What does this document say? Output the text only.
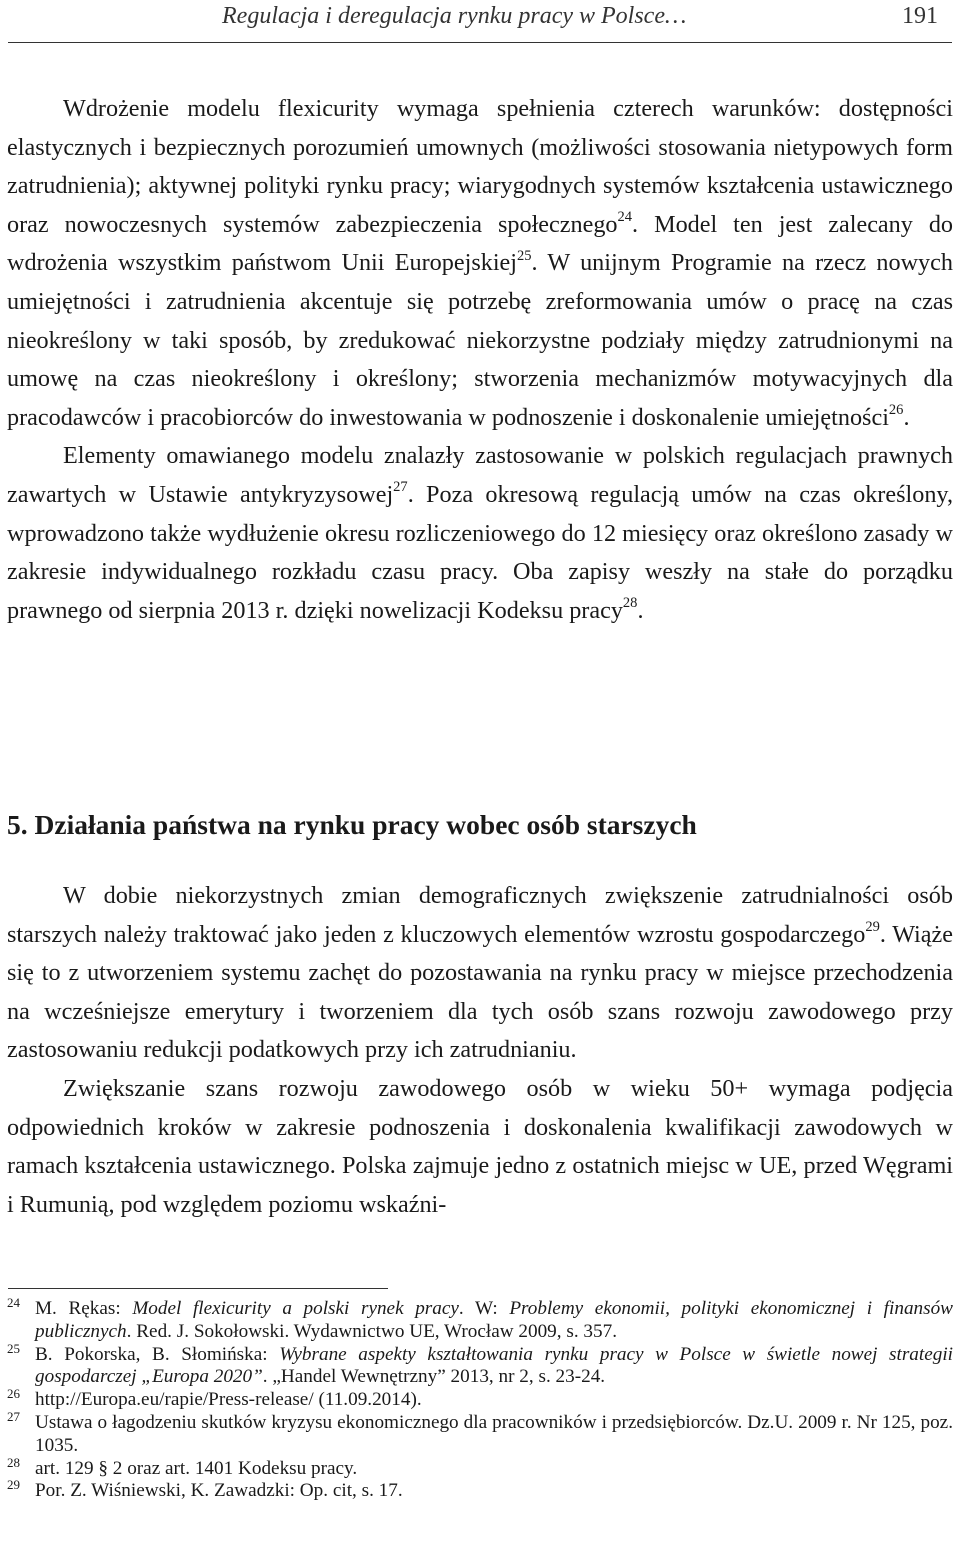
Regulacja i deregulacja rynku pracy w Polsce…	191

Wdrożenie modelu flexicurity wymaga spełnienia czterech warunków: dostępności elastycznych i bezpiecznych porozumień umownych (możliwości stosowania nietypowych form zatrudnienia); aktywnej polityki rynku pracy; wiarygodnych systemów kształcenia ustawicznego oraz nowoczesnych systemów zabezpieczenia społecznego$^{24}$. Model ten jest zalecany do wdrożenia wszystkim państwom Unii Europejskiej$^{25}$. W unijnym Programie na rzecz nowych umiejętności i zatrudnienia akcentuje się potrzebę zreformowania umów o pracę na czas nieokreślony w taki sposób, by zredukować niekorzystne podziały między zatrudnionymi na umowę na czas nieokreślony i określony; stworzenia mechanizmów motywacyjnych dla pracodawców i pracobiorców do inwestowania w podnoszenie i doskonalenie umiejętności$^{26}$.

Elementy omawianego modelu znalazły zastosowanie w polskich regulacjach prawnych zawartych w Ustawie antykryzysowej$^{27}$. Poza okresową regulacją umów na czas określony, wprowadzono także wydłużenie okresu rozliczeniowego do 12 miesięcy oraz określono zasady w zakresie indywidualnego rozkładu czasu pracy. Oba zapisy weszły na stałe do porządku prawnego od sierpnia 2013 r. dzięki nowelizacji Kodeksu pracy$^{28}$.

5. Działania państwa na rynku pracy wobec osób starszych

W dobie niekorzystnych zmian demograficznych zwiększenie zatrudnialności osób starszych należy traktować jako jeden z kluczowych elementów wzrostu gospodarczego$^{29}$. Wiąże się to z utworzeniem systemu zachęt do pozostawania na rynku pracy w miejsce przechodzenia na wcześniejsze emerytury i tworzeniem dla tych osób szans rozwoju zawodowego przy zastosowaniu redukcji podatkowych przy ich zatrudnianiu.

Zwiększanie szans rozwoju zawodowego osób w wieku 50+ wymaga podjęcia odpowiednich kroków w zakresie podnoszenia i doskonalenia kwalifikacji zawodowych w ramach kształcenia ustawicznego. Polska zajmuje jedno z ostatnich miejsc w UE, przed Węgrami i Rumunią, pod względem poziomu wskaźni-

24 M. Rękas: Model flexicurity a polski rynek pracy. W: Problemy ekonomii, polityki ekonomicznej i finansów publicznych. Red. J. Sokołowski. Wydawnictwo UE, Wrocław 2009, s. 357.
25 B. Pokorska, B. Słomińska: Wybrane aspekty kształtowania rynku pracy w Polsce w świetle nowej strategii gospodarczej „Europa 2020”. „Handel Wewnętrzny” 2013, nr 2, s. 23-24.
26 http://Europa.eu/rapie/Press-release/ (11.09.2014).
27 Ustawa o łagodzeniu skutków kryzysu ekonomicznego dla pracowników i przedsiębiorców. Dz.U. 2009 r. Nr 125, poz. 1035.
28 art. 129 § 2 oraz art. 1401 Kodeksu pracy.
29 Por. Z. Wiśniewski, K. Zawadzki: Op. cit, s. 17.
